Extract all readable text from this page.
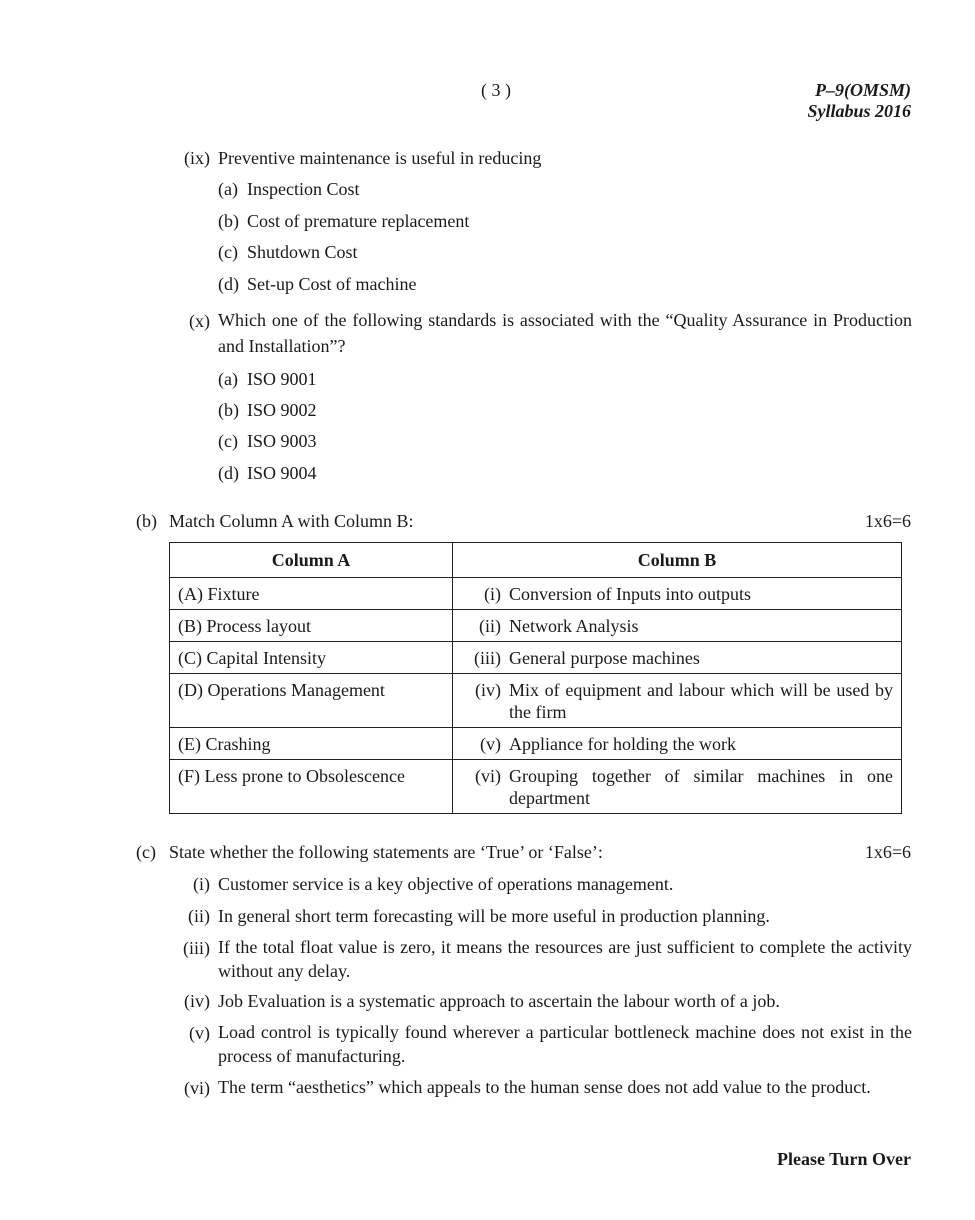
( 3 )	P–9(OMSM)
Syllabus 2016
(ix) Preventive maintenance is useful in reducing
(a) Inspection Cost
(b) Cost of premature replacement
(c) Shutdown Cost
(d) Set-up Cost of machine
(x) Which one of the following standards is associated with the “Quality Assurance in Production and Installation”?
(a) ISO 9001
(b) ISO 9002
(c) ISO 9003
(d) ISO 9004
(b) Match Column A with Column B:	1x6=6
Column A	Column B
(A) Fixture	(i) Conversion of Inputs into outputs

(B) Process layout	(ii) Network Analysis

(C) Capital Intensity	(iii) General purpose machines

(D) Operations Management	(iv) Mix of equipment and labour which will be used by the firm

(E) Crashing	(v) Appliance for holding the work

(F) Less prone to Obsolescence	(vi) Grouping together of similar machines in one department
(c) State whether the following statements are ‘True’ or ‘False’:	1x6=6
(i) Customer service is a key objective of operations management.
(ii) In general short term forecasting will be more useful in production planning.
(iii) If the total float value is zero, it means the resources are just sufficient to complete the activity without any delay.
(iv) Job Evaluation is a systematic approach to ascertain the labour worth of a job.
(v) Load control is typically found wherever a particular bottleneck machine does not exist in the process of manufacturing.
(vi) The term “aesthetics” which appeals to the human sense does not add value to the product.
Please Turn Over
